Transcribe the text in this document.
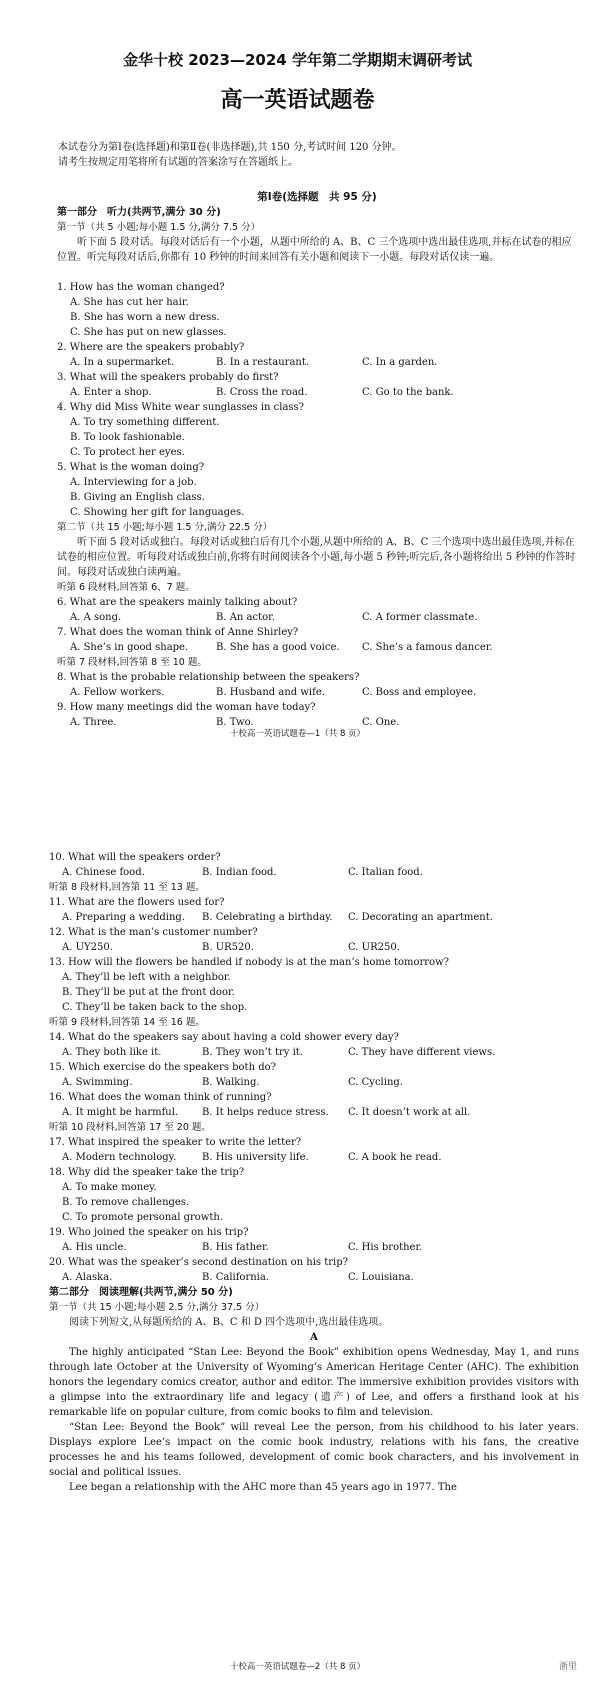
金华十校 2023—2024 学年第二学期期末调研考试
高一英语试题卷
本试卷分为第Ⅰ卷(选择题)和第Ⅱ卷(非选择题),共 150 分,考试时间 120 分钟。
请考生按规定用笔将所有试题的答案涂写在答题纸上。
第Ⅰ卷(选择题　共 95 分)
第一部分　听力(共两节,满分 30 分)
第一节（共 5 小题;每小题 1.5 分,满分 7.5 分）
听下面 5 段对话。每段对话后有一个小题，从题中所给的 A、B、C 三个选项中选出最佳选项,并标在试卷的相应位置。听完每段对话后,你都有 10 秒钟的时间来回答有关小题和阅读下一小题。每段对话仅读一遍。
1. How has the woman changed?
A. She has cut her hair.
B. She has worn a new dress.
C. She has put on new glasses.
2. Where are the speakers probably?
A. In a supermarket.	B. In a restaurant.	C. In a garden.
3. What will the speakers probably do first?
A. Enter a shop.	B. Cross the road.	C. Go to the bank.
4. Why did Miss White wear sunglasses in class?
A. To try something different.
B. To look fashionable.
C. To protect her eyes.
5. What is the woman doing?
A. Interviewing for a job.
B. Giving an English class.
C. Showing her gift for languages.
第二节（共 15 小题;每小题 1.5 分,满分 22.5 分）
听下面 5 段对话或独白。每段对话或独白后有几个小题,从题中所给的 A、B、C 三个选项中选出最佳选项,并标在试卷的相应位置。听每段对话或独白前,你将有时间阅读各个小题,每小题 5 秒钟;听完后,各小题将给出 5 秒钟的作答时间。每段对话或独白读两遍。
听第 6 段材料,回答第 6、7 题。
6. What are the speakers mainly talking about?
A. A song.	B. An actor.	C. A former classmate.
7. What does the woman think of Anne Shirley?
A. She’s in good shape.	B. She has a good voice.	C. She’s a famous dancer.
听第 7 段材料,回答第 8 至 10 题。
8. What is the probable relationship between the speakers?
A. Fellow workers.	B. Husband and wife.	C. Boss and employee.
9. How many meetings did the woman have today?
A. Three.	B. Two.	C. One.
十校高一英语试题卷—1（共 8 页）
10. What will the speakers order?
A. Chinese food.	B. Indian food.	C. Italian food.
听第 8 段材料,回答第 11 至 13 题。
11. What are the flowers used for?
A. Preparing a wedding.	B. Celebrating a birthday.	C. Decorating an apartment.
12. What is the man’s customer number?
A. UY250.	B. UR520.	C. UR250.
13. How will the flowers be handled if nobody is at the man’s home tomorrow?
A. They’ll be left with a neighbor.
B. They’ll be put at the front door.
C. They’ll be taken back to the shop.
听第 9 段材料,回答第 14 至 16 题。
14. What do the speakers say about having a cold shower every day?
A. They both like it.	B. They won’t try it.	C. They have different views.
15. Which exercise do the speakers both do?
A. Swimming.	B. Walking.	C. Cycling.
16. What does the woman think of running?
A. It might be harmful.	B. It helps reduce stress.	C. It doesn’t work at all.
听第 10 段材料,回答第 17 至 20 题。
17. What inspired the speaker to write the letter?
A. Modern technology.	B. His university life.	C. A book he read.
18. Why did the speaker take the trip?
A. To make money.
B. To remove challenges.
C. To promote personal growth.
19. Who joined the speaker on his trip?
A. His uncle.	B. His father.	C. His brother.
20. What was the speaker’s second destination on his trip?
A. Alaska.	B. California.	C. Louisiana.
第二部分　阅读理解(共两节,满分 50 分)
第一节（共 15 小题;每小题 2.5 分,满分 37.5 分）
阅读下列短文,从每题所给的 A、B、C 和 D 四个选项中,选出最佳选项。
A
The highly anticipated “Stan Lee: Beyond the Book” exhibition opens Wednesday, May 1, and runs through late October at the University of Wyoming’s American Heritage Center (AHC). The exhibition honors the legendary comics creator, author and editor. The immersive exhibition provides visitors with a glimpse into the extraordinary life and legacy (遗产) of Lee, and offers a firsthand look at his remarkable life on popular culture, from comic books to film and television.
“Stan Lee: Beyond the Book” will reveal Lee the person, from his childhood to his later years. Displays explore Lee’s impact on the comic book industry, relations with his fans, the creative processes he and his teams followed, development of comic book characters, and his involvement in social and political issues.
Lee began a relationship with the AHC more than 45 years ago in 1977. The
十校高一英语试题卷—2（共 8 页）	浙里
